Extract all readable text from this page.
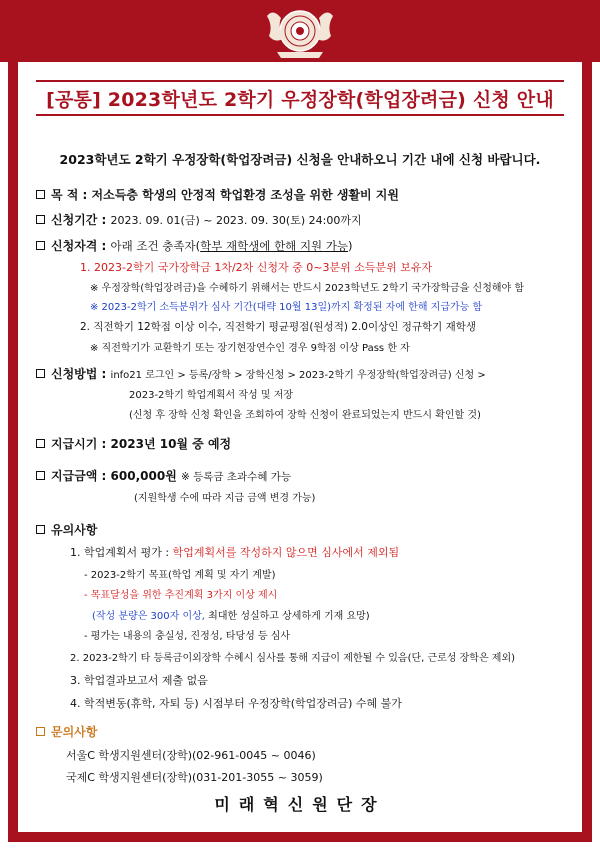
[공통] 2023학년도 2학기 우정장학(학업장려금) 신청 안내
2023학년도 2학기 우정장학(학업장려금) 신청을 안내하오니 기간 내에 신청 바랍니다.
목 적 : 저소득층 학생의 안정적 학업환경 조성을 위한 생활비 지원
신청기간 : 2023. 09. 01(금) ~ 2023. 09. 30(토) 24:00까지
신청자격 : 아래 조건 충족자(학부 재학생에 한해 지원 가능)
1. 2023-2학기 국가장학금 1차/2차 신청자 중 0~3분위 소득분위 보유자
※ 우정장학(학업장려금)을 수혜하기 위해서는 반드시 2023학년도 2학기 국가장학금을 신청해야 함
※ 2023-2학기 소득분위가 심사 기간(대략 10월 13일)까지 확정된 자에 한해 지급가능 함
2. 직전학기 12학점 이상 이수, 직전학기 평균평점(원성적) 2.0이상인 정규학기 재학생
※ 직전학기가 교환학기 또는 장기현장연수인 경우 9학점 이상 Pass 한 자
신청방법 : info21 로그인 > 등록/장학 > 장학신청 > 2023-2학기 우정장학(학업장려금) 신청 >
2023-2학기 학업계획서 작성 및 저장
(신청 후 장학 신청 확인을 조회하여 장학 신청이 완료되었는지 반드시 확인할 것)
지급시기 : 2023년 10월 중 예정
지급금액 : 600,000원 ※ 등록금 초과수혜 가능
(지원학생 수에 따라 지급 금액 변경 가능)
유의사항
1. 학업계획서 평가 : 학업계획서를 작성하지 않으면 심사에서 제외됨
- 2023-2학기 목표(학업 계획 및 자기 계발)
- 목표달성을 위한 추진계획 3가지 이상 제시
(작성 분량은 300자 이상, 최대한 성실하고 상세하게 기재 요망)
- 평가는 내용의 충실성, 진정성, 타당성 등 심사
2. 2023-2학기 타 등록금이외장학 수혜시 심사를 통해 지급이 제한될 수 있음(단, 근로성 장학은 제외)
3. 학업결과보고서 제출 없음
4. 학적변동(휴학, 자퇴 등) 시점부터 우정장학(학업장려금) 수혜 불가
문의사항
서울C 학생지원센터(장학)(02-961-0045 ~ 0046)
국제C 학생지원센터(장학)(031-201-3055 ~ 3059)
미래혁신원단장
